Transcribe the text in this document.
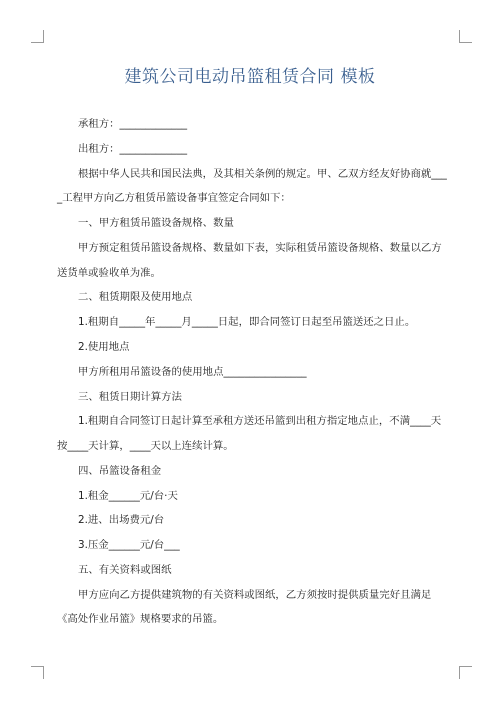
建筑公司电动吊篮租赁合同 模板
承租方：_____________
出租方：_____________
根据中华人民共和国民法典，及其相关条例的规定。甲、乙双方经友好协商就___
_工程甲方向乙方租赁吊篮设备事宜签定合同如下：
一、甲方租赁吊篮设备规格、数量
甲方预定租赁吊篮设备规格、数量如下表，实际租赁吊篮设备规格、数量以乙方
送货单或验收单为准。
二、租赁期限及使用地点
1.租期自_____年_____月_____日起，即合同签订日起至吊篮送还之日止。
2.使用地点
甲方所租用吊篮设备的使用地点________________
三、租赁日期计算方法
1.租期自合同签订日起计算至承租方送还吊篮到出租方指定地点止，不满____天
按____天计算，____天以上连续计算。
四、吊篮设备租金
1.租金______元/台·天
2.进、出场费元/台
3.压金______元/台___
五、有关资料或图纸
甲方应向乙方提供建筑物的有关资料或图纸，乙方须按时提供质量完好且满足
《高处作业吊篮》规格要求的吊篮。
